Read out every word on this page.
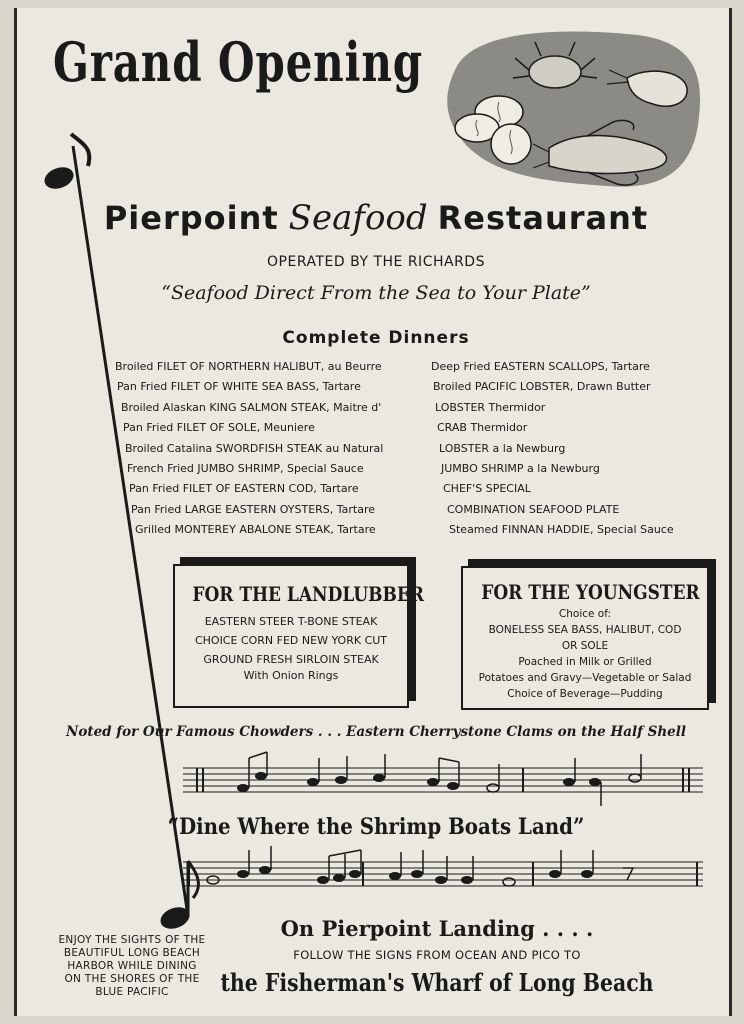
Grand Opening
Pierpoint Seafood Restaurant
OPERATED BY THE RICHARDS
“Seafood Direct From the Sea to Your Plate”
Complete Dinners
Broiled FILET OF NORTHERN HALIBUT, au Beurre
Pan Fried FILET OF WHITE SEA BASS, Tartare
Broiled Alaskan KING SALMON STEAK, Maitre d'
Pan Fried FILET OF SOLE, Meuniere
Broiled Catalina SWORDFISH STEAK au Natural
French Fried JUMBO SHRIMP, Special Sauce
Pan Fried FILET OF EASTERN COD, Tartare
Pan Fried LARGE EASTERN OYSTERS, Tartare
Grilled MONTEREY ABALONE STEAK, Tartare
Deep Fried EASTERN SCALLOPS, Tartare
Broiled PACIFIC LOBSTER, Drawn Butter
LOBSTER Thermidor
CRAB Thermidor
LOBSTER a la Newburg
JUMBO SHRIMP a la Newburg
CHEF'S SPECIAL
COMBINATION SEAFOOD PLATE
Steamed FINNAN HADDIE, Special Sauce
FOR THE LANDLUBBER
EASTERN STEER T-BONE STEAK
CHOICE CORN FED NEW YORK CUT
GROUND FRESH SIRLOIN STEAK
With Onion Rings
FOR THE YOUNGSTER
Choice of:
BONELESS SEA BASS, HALIBUT, COD
OR SOLE
Poached in Milk or Grilled
Potatoes and Gravy—Vegetable or Salad
Choice of Beverage—Pudding
Noted for Our Famous Chowders . . . Eastern Cherrystone Clams on the Half Shell
“Dine Where the Shrimp Boats Land”
ENJOY THE SIGHTS OF THE
BEAUTIFUL LONG BEACH
HARBOR WHILE DINING
ON THE SHORES OF THE
BLUE PACIFIC
On Pierpoint Landing . . . .
FOLLOW THE SIGNS FROM OCEAN AND PICO TO
the Fisherman's Wharf of Long Beach
